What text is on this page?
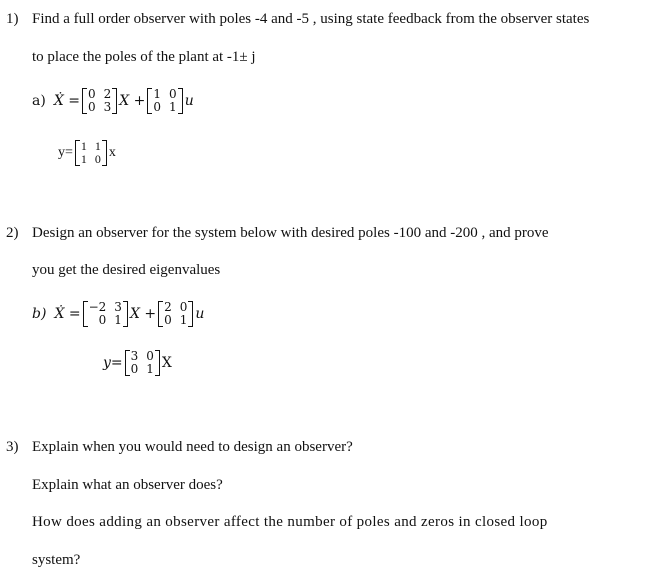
1) Find a full order observer with poles -4 and -5 , using state feedback from the observer states
to place the poles of the plant at -1± j
a) Ẋ = 0 2
0 3 X + 1 0
0 1 u
y= 1 1
1 0 x
2) Design an observer for the system below with desired poles -100 and -200 , and prove
you get the desired eigenvalues
b) Ẋ = −2 3
0 1 X + 2 0
0 1 u
y= 3 0
0 1 X
3) Explain when you would need to design an observer?
Explain what an observer does?
How does adding an observer affect the number of poles and zeros in closed loop
system?
